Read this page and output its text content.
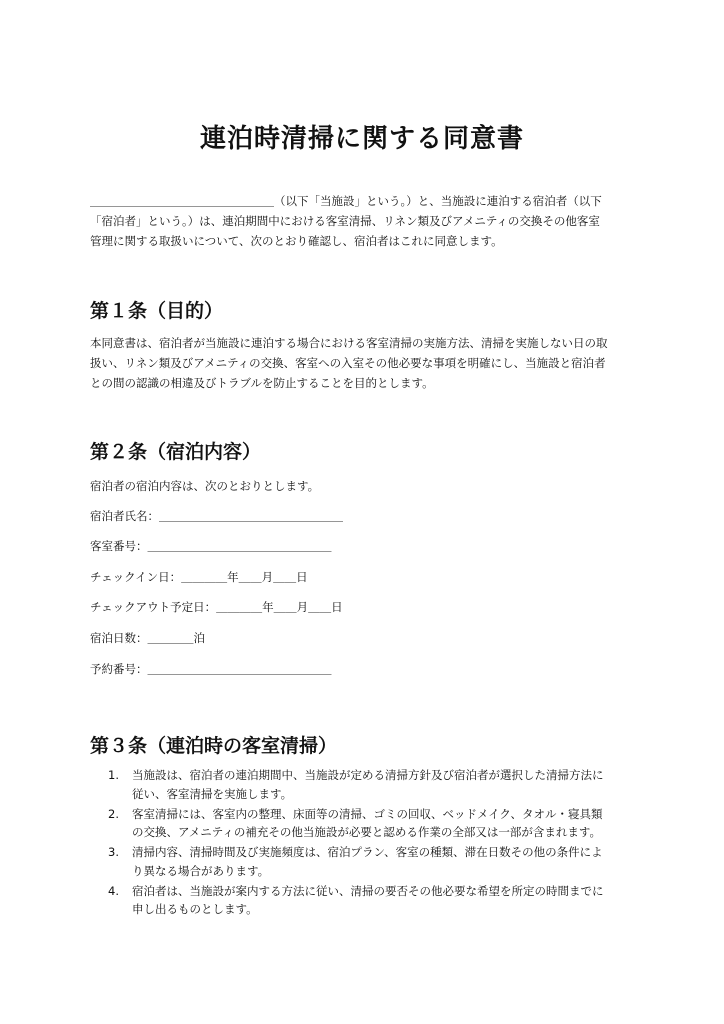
連泊時清掃に関する同意書
＿＿＿＿＿＿＿＿＿＿＿＿＿＿＿＿（以下「当施設」という。）と、当施設に連泊する宿泊者（以下
「宿泊者」という。）は、連泊期間中における客室清掃、リネン類及びアメニティの交換その他客室
管理に関する取扱いについて、次のとおり確認し、宿泊者はこれに同意します。
第１条（目的）
本同意書は、宿泊者が当施設に連泊する場合における客室清掃の実施方法、清掃を実施しない日の取
扱い、リネン類及びアメニティの交換、客室への入室その他必要な事項を明確にし、当施設と宿泊者
との間の認識の相違及びトラブルを防止することを目的とします。
第２条（宿泊内容）
宿泊者の宿泊内容は、次のとおりとします。
宿泊者氏名：＿＿＿＿＿＿＿＿＿＿＿＿＿＿＿＿
客室番号：＿＿＿＿＿＿＿＿＿＿＿＿＿＿＿＿
チェックイン日：＿＿＿＿年＿＿月＿＿日
チェックアウト予定日：＿＿＿＿年＿＿月＿＿日
宿泊日数：＿＿＿＿泊
予約番号：＿＿＿＿＿＿＿＿＿＿＿＿＿＿＿＿
第３条（連泊時の客室清掃）
1. 当施設は、宿泊者の連泊期間中、当施設が定める清掃方針及び宿泊者が選択した清掃方法に
従い、客室清掃を実施します。
2. 客室清掃には、客室内の整理、床面等の清掃、ゴミの回収、ベッドメイク、タオル・寝具類
の交換、アメニティの補充その他当施設が必要と認める作業の全部又は一部が含まれます。
3. 清掃内容、清掃時間及び実施頻度は、宿泊プラン、客室の種類、滞在日数その他の条件によ
り異なる場合があります。
4. 宿泊者は、当施設が案内する方法に従い、清掃の要否その他必要な希望を所定の時間までに
申し出るものとします。
